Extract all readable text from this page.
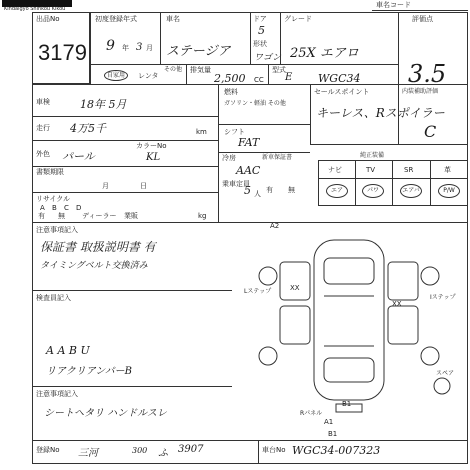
Kindaigyo Shinkou Kikou	車名コード
出品No
3179
初度登録年式
9 年 3 月
車名
ステージア
ドア
5
形状
ワゴン
グレード
25X エアロ
評価点
3.5
自家用	レンタ
その他 排気量
2,500 CC
型式
E WGC34
車検	18年 5月
走行 4万5千	km
外色 パール
カラーNo
KL
書類期限
月	日
リサイクル
A B C D
有 無 ディーラー 業販	kg
燃料
ガソリン・軽油 その他
シフト
FAT
冷房
AAC
乗車定員
5 人
セールスポイント
キーレス、Rスポイラー
内装補助評価
C
新車保証書
有 無
純正装備
ナビ	TV	SR	革
エア	パワ	エアバ	P/W
注意事項記入
保証書 取扱説明書 有
タイミングベルト交換済み
検査員記入
A A B U
リアクリアンパーB
注意事項記入
シートヘタリ ハンドルスレ
A2
XX
XX
Lステップ
Iステップ
スペア
Rパネル
B1
A1
B1
登録No 三河	300 ふ 3907	車台No WGC34-007323
